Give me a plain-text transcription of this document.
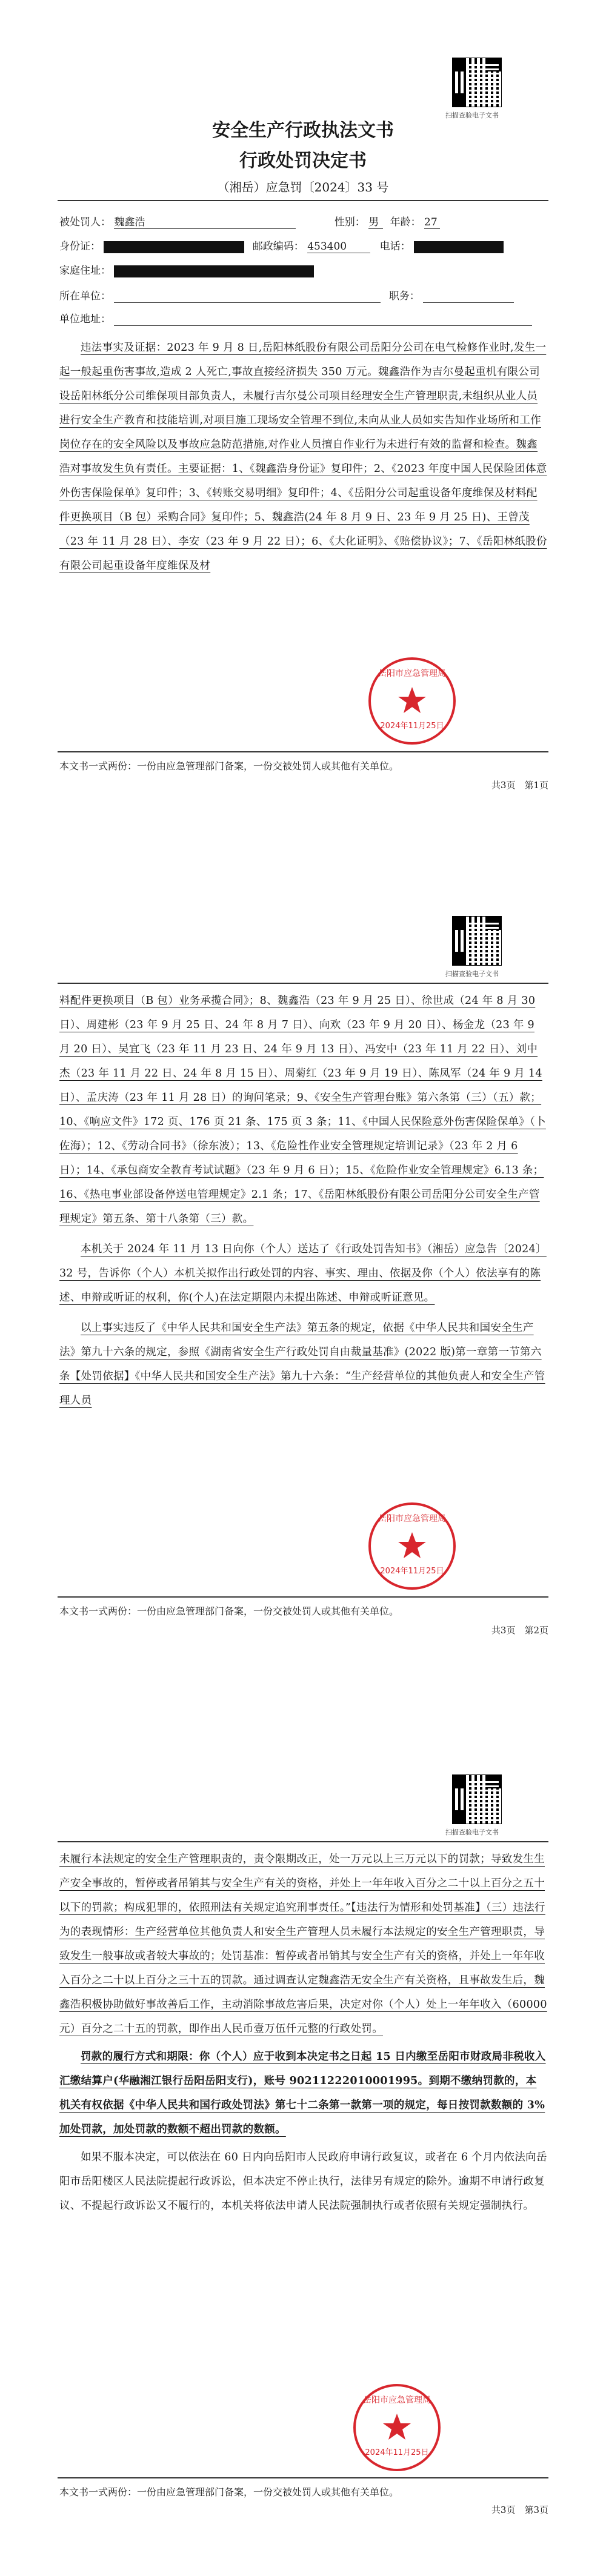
扫描查验电子文书
安全生产行政执法文书
行政处罚决定书
（湘岳）应急罚〔2024〕33 号
被处罚人： 魏鑫浩	性别： 男 年龄： 27
身份证：	邮政编码： 453400	电话：
家庭住址：
所在单位：	职务：
单位地址：

违法事实及证据：2023 年 9 月 8 日,岳阳林纸股份有限公司岳阳分公司在电气检修作业时,发生一起一般起重伤害事故,造成 2 人死亡,事故直接经济损失 350 万元。魏鑫浩作为吉尔曼起重机有限公司设岳阳林纸分公司维保项目部负责人，未履行吉尔曼公司项目经理安全生产管理职责,未组织从业人员进行安全生产教育和技能培训,对项目施工现场安全管理不到位,未向从业人员如实告知作业场所和工作岗位存在的安全风险以及事故应急防范措施,对作业人员擅自作业行为未进行有效的监督和检查。魏鑫浩对事故发生负有责任。主要证据：1、《魏鑫浩身份证》复印件；2、《2023 年度中国人民保险团体意外伤害保险保单》复印件；3、《转账交易明细》复印件；4、《岳阳分公司起重设备年度维保及材料配件更换项目（B 包）采购合同》复印件；5、魏鑫浩(24 年 8 月 9 日、23 年 9 月 25 日)、王曾茂（23 年 11 月 28 日）、李安（23 年 9 月 22 日）；6、《大化证明》、《赔偿协议》；7、《岳阳林纸股份有限公司起重设备年度维保及材

2024年11月25日
岳阳市应急管理局
本文书一式两份：一份由应急管理部门备案，一份交被处罚人或其他有关单位。
共3页　第1页
扫描查验电子文书

料配件更换项目（B 包）业务承揽合同》；8、魏鑫浩（23 年 9 月 25 日）、徐世成（24 年 8 月 30 日）、周建彬（23 年 9 月 25 日、24 年 8 月 7 日）、向欢（23 年 9 月 20 日）、杨金龙（23 年 9 月 20 日）、吴宜飞（23 年 11 月 23 日、24 年 9 月 13 日）、冯安中（23 年 11 月 22 日）、刘中杰（23 年 11 月 22 日、24 年 8 月 15 日）、周菊红（23 年 9 月 19 日）、陈凤军（24 年 9 月 14 日）、孟庆涛（23 年 11 月 28 日）的询问笔录；9、《安全生产管理台账》第六条第（三）（五）款；10、《响应文件》172 页、176 页 21 条、175 页 3 条；11、《中国人民保险意外伤害保险保单》（卜佐海）；12、《劳动合同书》（徐东波）；13、《危险性作业安全管理规定培训记录》（23 年 2 月 6 日）；14、《承包商安全教育考试试题》（23 年 9 月 6 日）；15、《危险作业安全管理规定》6.13 条；16、《热电事业部设备停送电管理规定》2.1 条；17、《岳阳林纸股份有限公司岳阳分公司安全生产管理规定》第五条、第十八条第（三）款。

本机关于 2024 年 11 月 13 日向你（个人）送达了《行政处罚告知书》（湘岳）应急告〔2024〕32 号，告诉你（个人）本机关拟作出行政处罚的内容、事实、理由、依据及你（个人）依法享有的陈述、申辩或听证的权利，你(个人)在法定期限内未提出陈述、申辩或听证意见。

以上事实违反了《中华人民共和国安全生产法》第五条的规定，依据《中华人民共和国安全生产法》第九十六条的规定，参照《湖南省安全生产行政处罚自由裁量基准》(2022 版)第一章第一节第六条【处罚依据】《中华人民共和国安全生产法》第九十六条：“生产经营单位的其他负责人和安全生产管理人员

2024年11月25日
岳阳市应急管理局
本文书一式两份：一份由应急管理部门备案，一份交被处罚人或其他有关单位。
共3页　第2页
扫描查验电子文书

未履行本法规定的安全生产管理职责的，责令限期改正，处一万元以上三万元以下的罚款；导致发生生产安全事故的，暂停或者吊销其与安全生产有关的资格，并处上一年年收入百分之二十以上百分之五十以下的罚款；构成犯罪的，依照刑法有关规定追究刑事责任。”【违法行为情形和处罚基准】（三）违法行为的表现情形：生产经营单位其他负责人和安全生产管理人员未履行本法规定的安全生产管理职责，导致发生一般事故或者较大事故的；处罚基准：暂停或者吊销其与安全生产有关的资格，并处上一年年收入百分之二十以上百分之三十五的罚款。通过调查认定魏鑫浩无安全生产有关资格，且事故发生后，魏鑫浩积极协助做好事故善后工作，主动消除事故危害后果，决定对你（个人）处上一年年收入（60000 元）百分之二十五的罚款，即作出人民币壹万伍仟元整的行政处罚。

罚款的履行方式和期限：你（个人）应于收到本决定书之日起 15 日内缴至岳阳市财政局非税收入汇缴结算户(华融湘江银行岳阳岳阳支行)，账号 90211222010001995。到期不缴纳罚款的，本机关有权依据《中华人民共和国行政处罚法》第七十二条第一款第一项的规定，每日按罚款数额的 3%加处罚款，加处罚款的数额不超出罚款的数额。

如果不服本决定，可以依法在 60 日内向岳阳市人民政府申请行政复议，或者在 6 个月内依法向岳阳市岳阳楼区人民法院提起行政诉讼，但本决定不停止执行，法律另有规定的除外。逾期不申请行政复议、不提起行政诉讼又不履行的，本机关将依法申请人民法院强制执行或者依照有关规定强制执行。

2024年11月25日
岳阳市应急管理局
本文书一式两份：一份由应急管理部门备案，一份交被处罚人或其他有关单位。
共3页　第3页
